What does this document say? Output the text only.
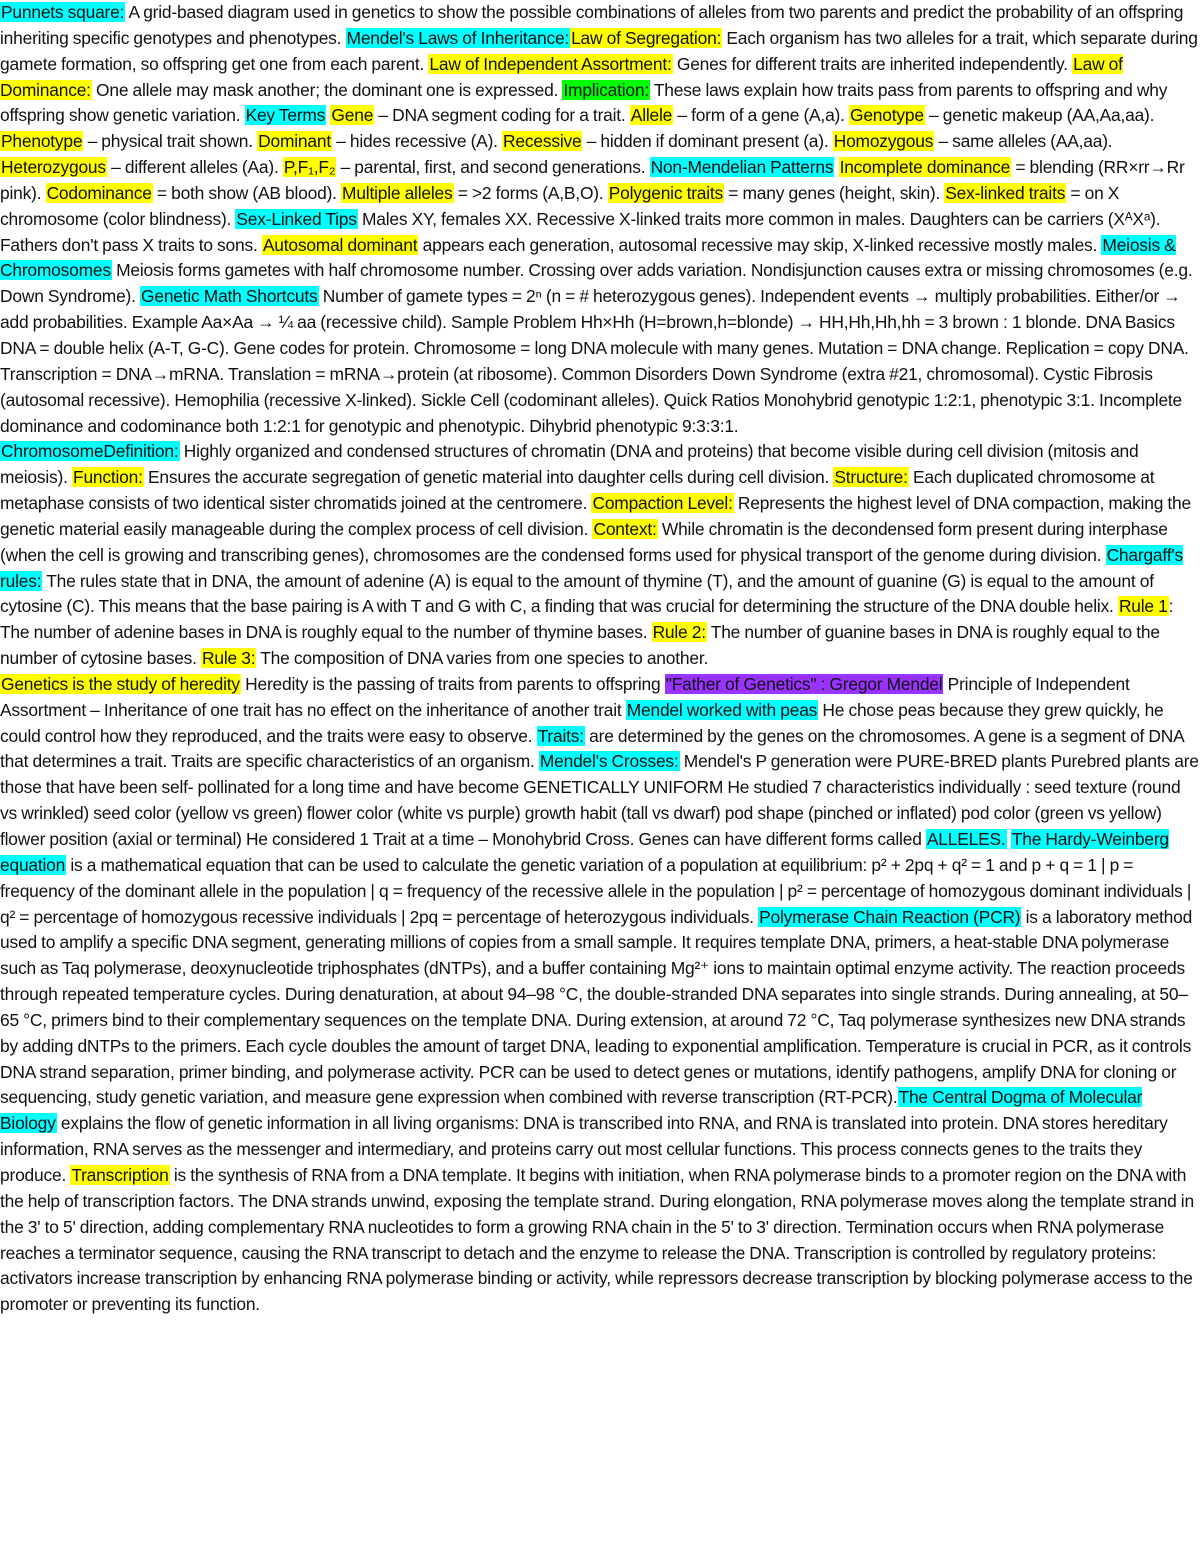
Punnets square: A grid-based diagram used in genetics to show the possible combinations of alleles from two parents and predict the probability of an offspring inheriting specific genotypes and phenotypes. Mendel's Laws of Inheritance: Law of Segregation: Each organism has two alleles for a trait, which separate during gamete formation, so offspring get one from each parent. Law of Independent Assortment: Genes for different traits are inherited independently. Law of Dominance: One allele may mask another; the dominant one is expressed. Implication: These laws explain how traits pass from parents to offspring and why offspring show genetic variation. Key Terms Gene – DNA segment coding for a trait. Allele – form of a gene (A,a). Genotype – genetic makeup (AA,Aa,aa). Phenotype – physical trait shown. Dominant – hides recessive (A). Recessive – hidden if dominant present (a). Homozygous – same alleles (AA,aa). Heterozygous – different alleles (Aa). P,F₁,F₂ – parental, first, and second generations. Non-Mendelian Patterns Incomplete dominance = blending (RR×rr→Rr pink). Codominance = both show (AB blood). Multiple alleles = >2 forms (A,B,O). Polygenic traits = many genes (height, skin). Sex-linked traits = on X chromosome (color blindness). Sex-Linked Tips Males XY, females XX. Recessive X-linked traits more common in males. Daughters can be carriers (XᴬXᵃ). Fathers don't pass X traits to sons. Autosomal dominant appears each generation, autosomal recessive may skip, X-linked recessive mostly males. Meiosis & Chromosomes Meiosis forms gametes with half chromosome number. Crossing over adds variation. Nondisjunction causes extra or missing chromosomes (e.g. Down Syndrome). Genetic Math Shortcuts Number of gamete types = 2ⁿ (n = # heterozygous genes). Independent events → multiply probabilities. Either/or → add probabilities. Example Aa×Aa → ¼ aa (recessive child). Sample Problem Hh×Hh (H=brown,h=blonde) → HH,Hh,Hh,hh = 3 brown : 1 blonde. DNA Basics DNA = double helix (A-T, G-C). Gene codes for protein. Chromosome = long DNA molecule with many genes. Mutation = DNA change. Replication = copy DNA. Transcription = DNA→mRNA. Translation = mRNA→protein (at ribosome). Common Disorders Down Syndrome (extra #21, chromosomal). Cystic Fibrosis (autosomal recessive). Hemophilia (recessive X-linked). Sickle Cell (codominant alleles). Quick Ratios Monohybrid genotypic 1:2:1, phenotypic 3:1. Incomplete dominance and codominance both 1:2:1 for genotypic and phenotypic. Dihybrid phenotypic 9:3:3:1.

ChromosomeDefinition: Highly organized and condensed structures of chromatin (DNA and proteins) that become visible during cell division (mitosis and meiosis). Function: Ensures the accurate segregation of genetic material into daughter cells during cell division. Structure: Each duplicated chromosome at metaphase consists of two identical sister chromatids joined at the centromere. Compaction Level: Represents the highest level of DNA compaction, making the genetic material easily manageable during the complex process of cell division. Context: While chromatin is the decondensed form present during interphase (when the cell is growing and transcribing genes), chromosomes are the condensed forms used for physical transport of the genome during division. Chargaff's rules: The rules state that in DNA, the amount of adenine (A) is equal to the amount of thymine (T), and the amount of guanine (G) is equal to the amount of cytosine (C). This means that the base pairing is A with T and G with C, a finding that was crucial for determining the structure of the DNA double helix. Rule 1: The number of adenine bases in DNA is roughly equal to the number of thymine bases. Rule 2: The number of guanine bases in DNA is roughly equal to the number of cytosine bases. Rule 3: The composition of DNA varies from one species to another.

Genetics is the study of heredity Heredity is the passing of traits from parents to offspring "Father of Genetics" : Gregor Mendel Principle of Independent Assortment – Inheritance of one trait has no effect on the inheritance of another trait Mendel worked with peas He chose peas because they grew quickly, he could control how they reproduced, and the traits were easy to observe. Traits: are determined by the genes on the chromosomes. A gene is a segment of DNA that determines a trait. Traits are specific characteristics of an organism. Mendel's Crosses: Mendel's P generation were PURE-BRED plants Purebred plants are those that have been self- pollinated for a long time and have become GENETICALLY UNIFORM He studied 7 characteristics individually : seed texture (round vs wrinkled) seed color (yellow vs green) flower color (white vs purple) growth habit (tall vs dwarf) pod shape (pinched or inflated) pod color (green vs yellow) flower position (axial or terminal) He considered 1 Trait at a time – Monohybrid Cross. Genes can have different forms called ALLELES. The Hardy-Weinberg equation is a mathematical equation that can be used to calculate the genetic variation of a population at equilibrium: p² + 2pq + q² = 1 and p + q = 1 | p = frequency of the dominant allele in the population | q = frequency of the recessive allele in the population | p² = percentage of homozygous dominant individuals | q² = percentage of homozygous recessive individuals | 2pq = percentage of heterozygous individuals. Polymerase Chain Reaction (PCR) is a laboratory method used to amplify a specific DNA segment, generating millions of copies from a small sample. It requires template DNA, primers, a heat-stable DNA polymerase such as Taq polymerase, deoxynucleotide triphosphates (dNTPs), and a buffer containing Mg²⁺ ions to maintain optimal enzyme activity. The reaction proceeds through repeated temperature cycles. During denaturation, at about 94–98 °C, the double-stranded DNA separates into single strands. During annealing, at 50–65 °C, primers bind to their complementary sequences on the template DNA. During extension, at around 72 °C, Taq polymerase synthesizes new DNA strands by adding dNTPs to the primers. Each cycle doubles the amount of target DNA, leading to exponential amplification. Temperature is crucial in PCR, as it controls DNA strand separation, primer binding, and polymerase activity. PCR can be used to detect genes or mutations, identify pathogens, amplify DNA for cloning or sequencing, study genetic variation, and measure gene expression when combined with reverse transcription (RT-PCR).The Central Dogma of Molecular Biology explains the flow of genetic information in all living organisms: DNA is transcribed into RNA, and RNA is translated into protein. DNA stores hereditary information, RNA serves as the messenger and intermediary, and proteins carry out most cellular functions. This process connects genes to the traits they produce. Transcription is the synthesis of RNA from a DNA template. It begins with initiation, when RNA polymerase binds to a promoter region on the DNA with the help of transcription factors. The DNA strands unwind, exposing the template strand. During elongation, RNA polymerase moves along the template strand in the 3' to 5' direction, adding complementary RNA nucleotides to form a growing RNA chain in the 5' to 3' direction. Termination occurs when RNA polymerase reaches a terminator sequence, causing the RNA transcript to detach and the enzyme to release the DNA. Transcription is controlled by regulatory proteins: activators increase transcription by enhancing RNA polymerase binding or activity, while repressors decrease transcription by blocking polymerase access to the promoter or preventing its function.
